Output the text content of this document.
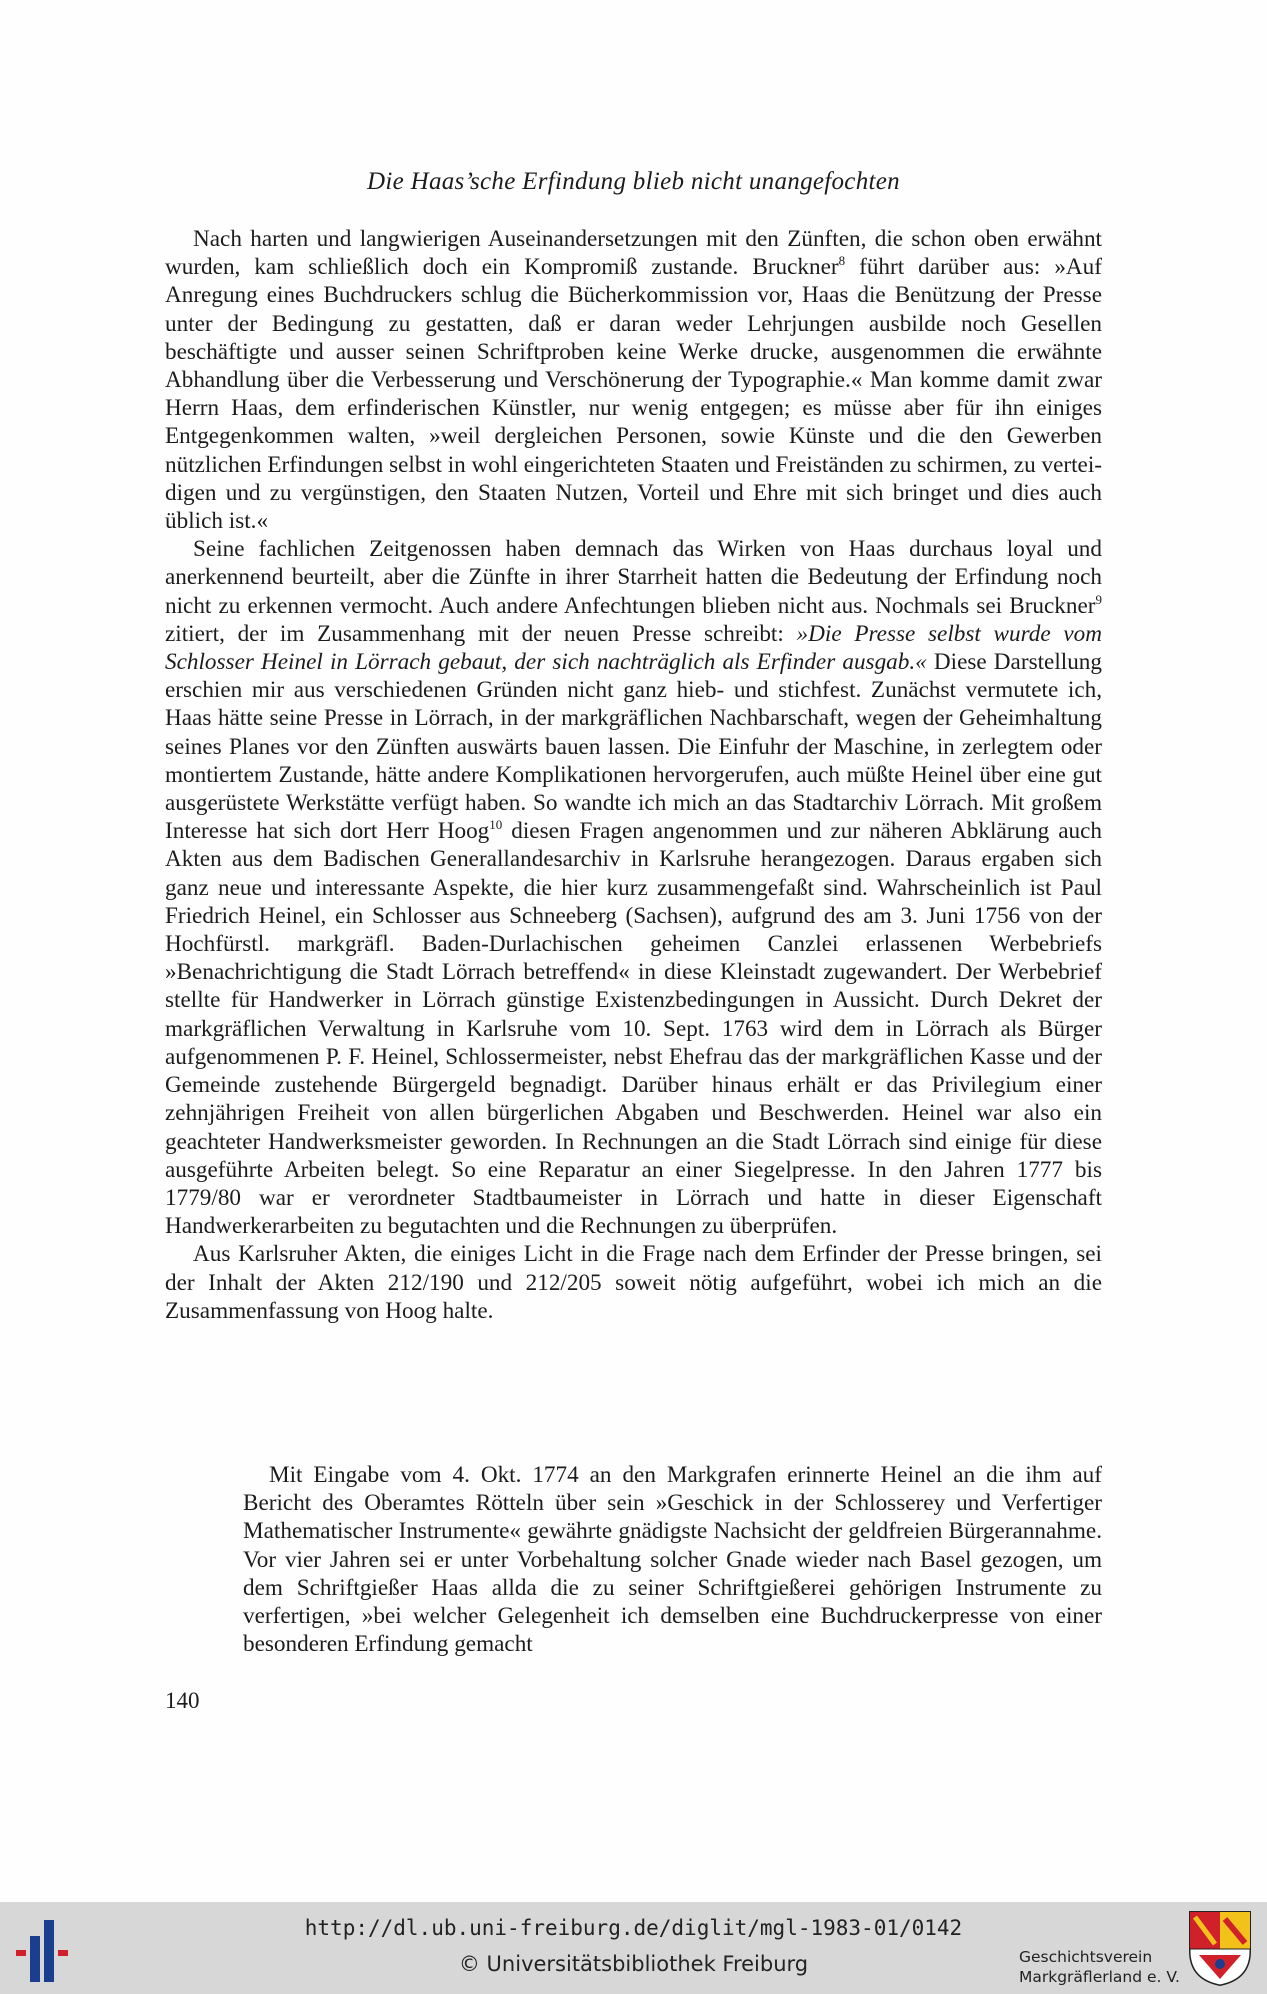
Die Haas’sche Erfindung blieb nicht unangefochten

Nach harten und langwierigen Auseinandersetzungen mit den Zünften, die schon oben erwähnt wurden, kam schließlich doch ein Kompromiß zustande. Bruckner$^8$ führt darüber aus: »Auf Anregung eines Buchdruckers schlug die Bücherkommission vor, Haas die Benützung der Presse unter der Bedingung zu gestatten, daß er daran weder Lehrjungen ausbilde noch Gesellen beschäftigte und ausser seinen Schriftproben keine Werke drucke, ausgenommen die erwähnte Abhandlung über die Verbesserung und Verschönerung der Typographie.« Man komme damit zwar Herrn Haas, dem erfinderischen Künstler, nur wenig entgegen; es müsse aber für ihn einiges Entgegenkommen walten, »weil dergleichen Personen, sowie Künste und die den Gewerben nützlichen Erfindungen selbst in wohl eingerichteten Staaten und Freiständen zu schirmen, zu verteidigen und zu vergünstigen, den Staaten Nutzen, Vorteil und Ehre mit sich bringet und dies auch üblich ist.«

Seine fachlichen Zeitgenossen haben demnach das Wirken von Haas durchaus loyal und anerkennend beurteilt, aber die Zünfte in ihrer Starrheit hatten die Bedeutung der Erfindung noch nicht zu erkennen vermocht. Auch andere Anfechtungen blieben nicht aus. Nochmals sei Bruckner$^9$ zitiert, der im Zusammenhang mit der neuen Presse schreibt: »Die Presse selbst wurde vom Schlosser Heinel in Lörrach gebaut, der sich nachträglich als Erfinder ausgab.« Diese Darstellung erschien mir aus verschiedenen Gründen nicht ganz hieb- und stichfest. Zunächst vermutete ich, Haas hätte seine Presse in Lörrach, in der markgräflichen Nachbarschaft, wegen der Geheimhaltung seines Planes vor den Zünften auswärts bauen lassen. Die Einfuhr der Maschine, in zerlegtem oder montiertem Zustande, hätte andere Komplikationen hervorgerufen, auch müßte Heinel über eine gut ausgerüstete Werkstätte verfügt haben. So wandte ich mich an das Stadtarchiv Lörrach. Mit großem Interesse hat sich dort Herr Hoog$^{10}$ diesen Fragen angenommen und zur näheren Abklärung auch Akten aus dem Badischen Generallandesarchiv in Karlsruhe herangezogen. Daraus ergaben sich ganz neue und interessante Aspekte, die hier kurz zusammengefaßt sind. Wahrscheinlich ist Paul Friedrich Heinel, ein Schlosser aus Schneeberg (Sachsen), aufgrund des am 3. Juni 1756 von der Hochfürstl. markgräfl. Baden-Durlachischen geheimen Canzlei erlassenen Werbebriefs »Benachrichtigung die Stadt Lörrach betreffend« in diese Kleinstadt zugewandert. Der Werbebrief stellte für Handwerker in Lörrach günstige Existenzbedingungen in Aussicht. Durch Dekret der markgräflichen Verwaltung in Karlsruhe vom 10. Sept. 1763 wird dem in Lörrach als Bürger aufgenommenen P. F. Heinel, Schlossermeister, nebst Ehefrau das der markgräflichen Kasse und der Gemeinde zustehende Bürgergeld begnadigt. Darüber hinaus erhält er das Privilegium einer zehnjährigen Freiheit von allen bürgerlichen Abgaben und Beschwerden. Heinel war also ein geachteter Handwerksmeister geworden. In Rechnungen an die Stadt Lörrach sind einige für diese ausgeführte Arbeiten belegt. So eine Reparatur an einer Siegelpresse. In den Jahren 1777 bis 1779/80 war er verordneter Stadtbaumeister in Lörrach und hatte in dieser Eigenschaft Handwerkerarbeiten zu begutachten und die Rechnungen zu überprüfen.

Aus Karlsruher Akten, die einiges Licht in die Frage nach dem Erfinder der Presse bringen, sei der Inhalt der Akten 212/190 und 212/205 soweit nötig aufgeführt, wobei ich mich an die Zusammenfassung von Hoog halte.

Mit Eingabe vom 4. Okt. 1774 an den Markgrafen erinnerte Heinel an die ihm auf Bericht des Oberamtes Rötteln über sein »Geschick in der Schlosserey und Verfertiger Mathematischer Instrumente« gewährte gnädigste Nachsicht der geldfreien Bürgerannahme. Vor vier Jahren sei er unter Vorbehaltung solcher Gnade wieder nach Basel gezogen, um dem Schriftgießer Haas allda die zu seiner Schriftgießerei gehörigen Instrumente zu verfertigen, »bei welcher Gelegenheit ich demselben eine Buchdruckerpresse von einer besonderen Erfindung gemacht

140
http://dl.ub.uni-freiburg.de/diglit/mgl-1983-01/0142
© Universitätsbibliothek Freiburg	Geschichtsverein
Markgräflerland e. V.
